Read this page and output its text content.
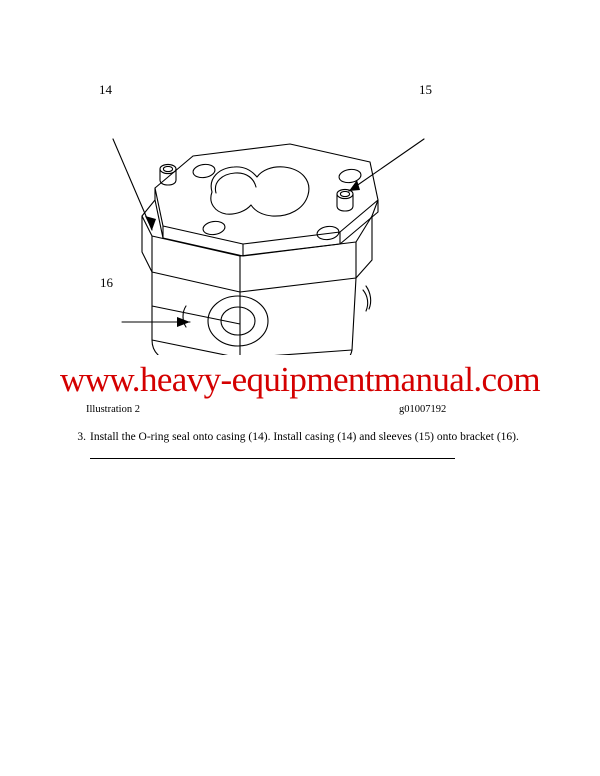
14	15
16
www.heavy-equipmentmanual.com
Illustration 2	g01007192
3. Install the O-ring seal onto casing (14). Install casing (14) and sleeves (15) onto bracket (16).
